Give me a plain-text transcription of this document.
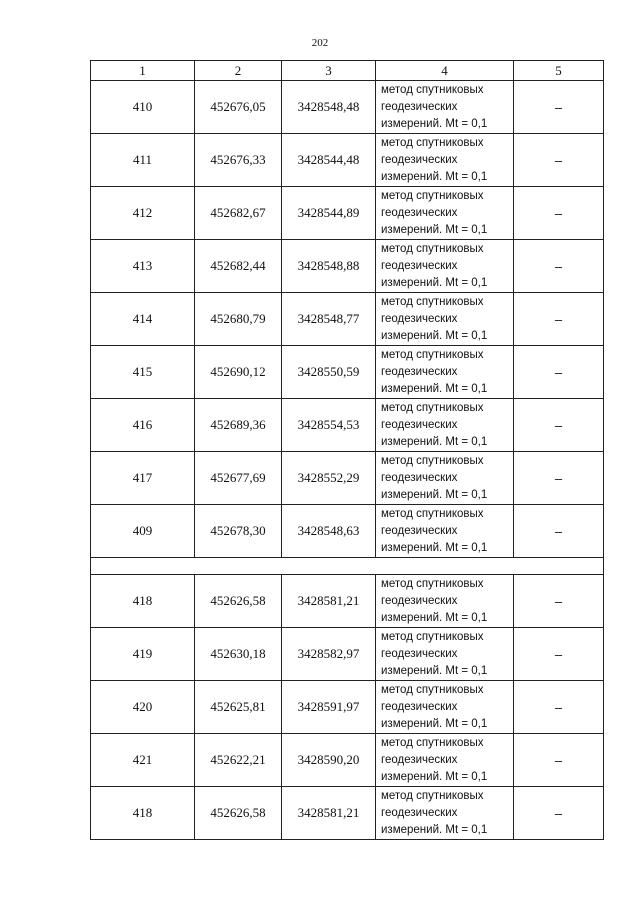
202
1	2	3	4	5
410	452676,05	3428548,48	метод спутниковых
геодезических
измерений. Mt = 0,1	–
411	452676,33	3428544,48	метод спутниковых
геодезических
измерений. Mt = 0,1	–
412	452682,67	3428544,89	метод спутниковых
геодезических
измерений. Mt = 0,1	–
413	452682,44	3428548,88	метод спутниковых
геодезических
измерений. Mt = 0,1	–
414	452680,79	3428548,77	метод спутниковых
геодезических
измерений. Mt = 0,1	–
415	452690,12	3428550,59	метод спутниковых
геодезических
измерений. Mt = 0,1	–
416	452689,36	3428554,53	метод спутниковых
геодезических
измерений. Mt = 0,1	–
417	452677,69	3428552,29	метод спутниковых
геодезических
измерений. Mt = 0,1	–
409	452678,30	3428548,63	метод спутниковых
геодезических
измерений. Mt = 0,1	–

418	452626,58	3428581,21	метод спутниковых
геодезических
измерений. Mt = 0,1	–
419	452630,18	3428582,97	метод спутниковых
геодезических
измерений. Mt = 0,1	–
420	452625,81	3428591,97	метод спутниковых
геодезических
измерений. Mt = 0,1	–
421	452622,21	3428590,20	метод спутниковых
геодезических
измерений. Mt = 0,1	–
418	452626,58	3428581,21	метод спутниковых
геодезических
измерений. Mt = 0,1	–
